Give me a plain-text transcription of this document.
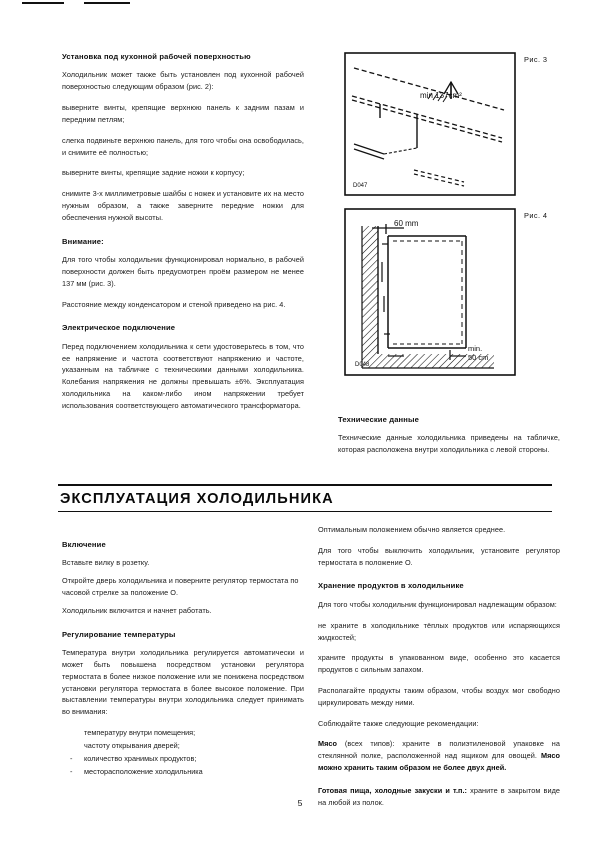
Установка под кухонной рабочей поверхностью

Холодильник может также быть установлен под кухонной рабочей поверхностью следующим образом (рис. 2):

выверните винты, крепящие верхнюю панель к задним пазам и передним петлям;

слегка подвиньте верхнюю панель, для того чтобы она освободилась, и снимите её полностью;

выверните винты, крепящие задние ножки к корпусу;

снимите 3-х миллиметровые шайбы с ножек и установите их на место нужным образом, а также заверните передние ножки для обеспечения нужной высоты.

Внимание:

Для того чтобы холодильник функционировал нормально, в рабочей поверхности должен быть предусмотрен проём размером не менее 137 мм (рис. 3).

Расстояние между конденсатором и стеной приведено на рис. 4.

Электрическое подключение

Перед подключением холодильника к сети удостоверьтесь в том, что ее напряжение и частота соответствуют напряжению и частоте, указанным на табличке с техническими данными холодильника. Колебания напряжения не должны превышать ±6%. Эксплуатация холодильника на каком-либо ином напряжении требует использования соответствующего автоматического трансформатора.

Технические данные

Технические данные холодильника приведены на табличке, которая расположена внутри холодильника с левой стороны.

min 137cm²
D047
Рис. 3
60 mm
min.
50 cm
D048
Рис. 4
ЭКСПЛУАТАЦИЯ ХОЛОДИЛЬНИКА
Включение

Вставьте вилку в розетку.

Откройте дверь холодильника и поверните регулятор термостата по часовой стрелке за положение О.

Холодильник включится и начнет работать.

Регулирование температуры

Температура внутри холодильника регулируется автоматически и может быть повышена посредством установки регулятора термостата в более низкое положение или же понижена посредством установки регулятора термостата в более высокое положение. При выставлении температуры внутри холодильника следует принимать во внимания:

температуру внутри помещения;
частоту открывания дверей;
- количество хранимых продуктов;
- месторасположение холодильника

Оптимальным положением обычно является среднее.

Для того чтобы выключить холодильник, установите регулятор термостата в положение О.

Хранение продуктов в холодильнике

Для того чтобы холодильник функционировал надлежащим образом:

не храните в холодильнике тёплых продуктов или испаряющихся жидкостей;

храните продукты в упакованном виде, особенно это касается продуктов с сильным запахом.

Располагайте продукты таким образом, чтобы воздух мог свободно циркулировать между ними.

Соблюдайте также следующие рекомендации:

Мясо (всех типов): храните в полиэтиленовой упаковке на стеклянной полке, расположенной над ящиком для овощей. Мясо можно хранить таким образом не более двух дней.

Готовая пища, холодные закуски и т.п.: храните в закрытом виде на любой из полок.

5
